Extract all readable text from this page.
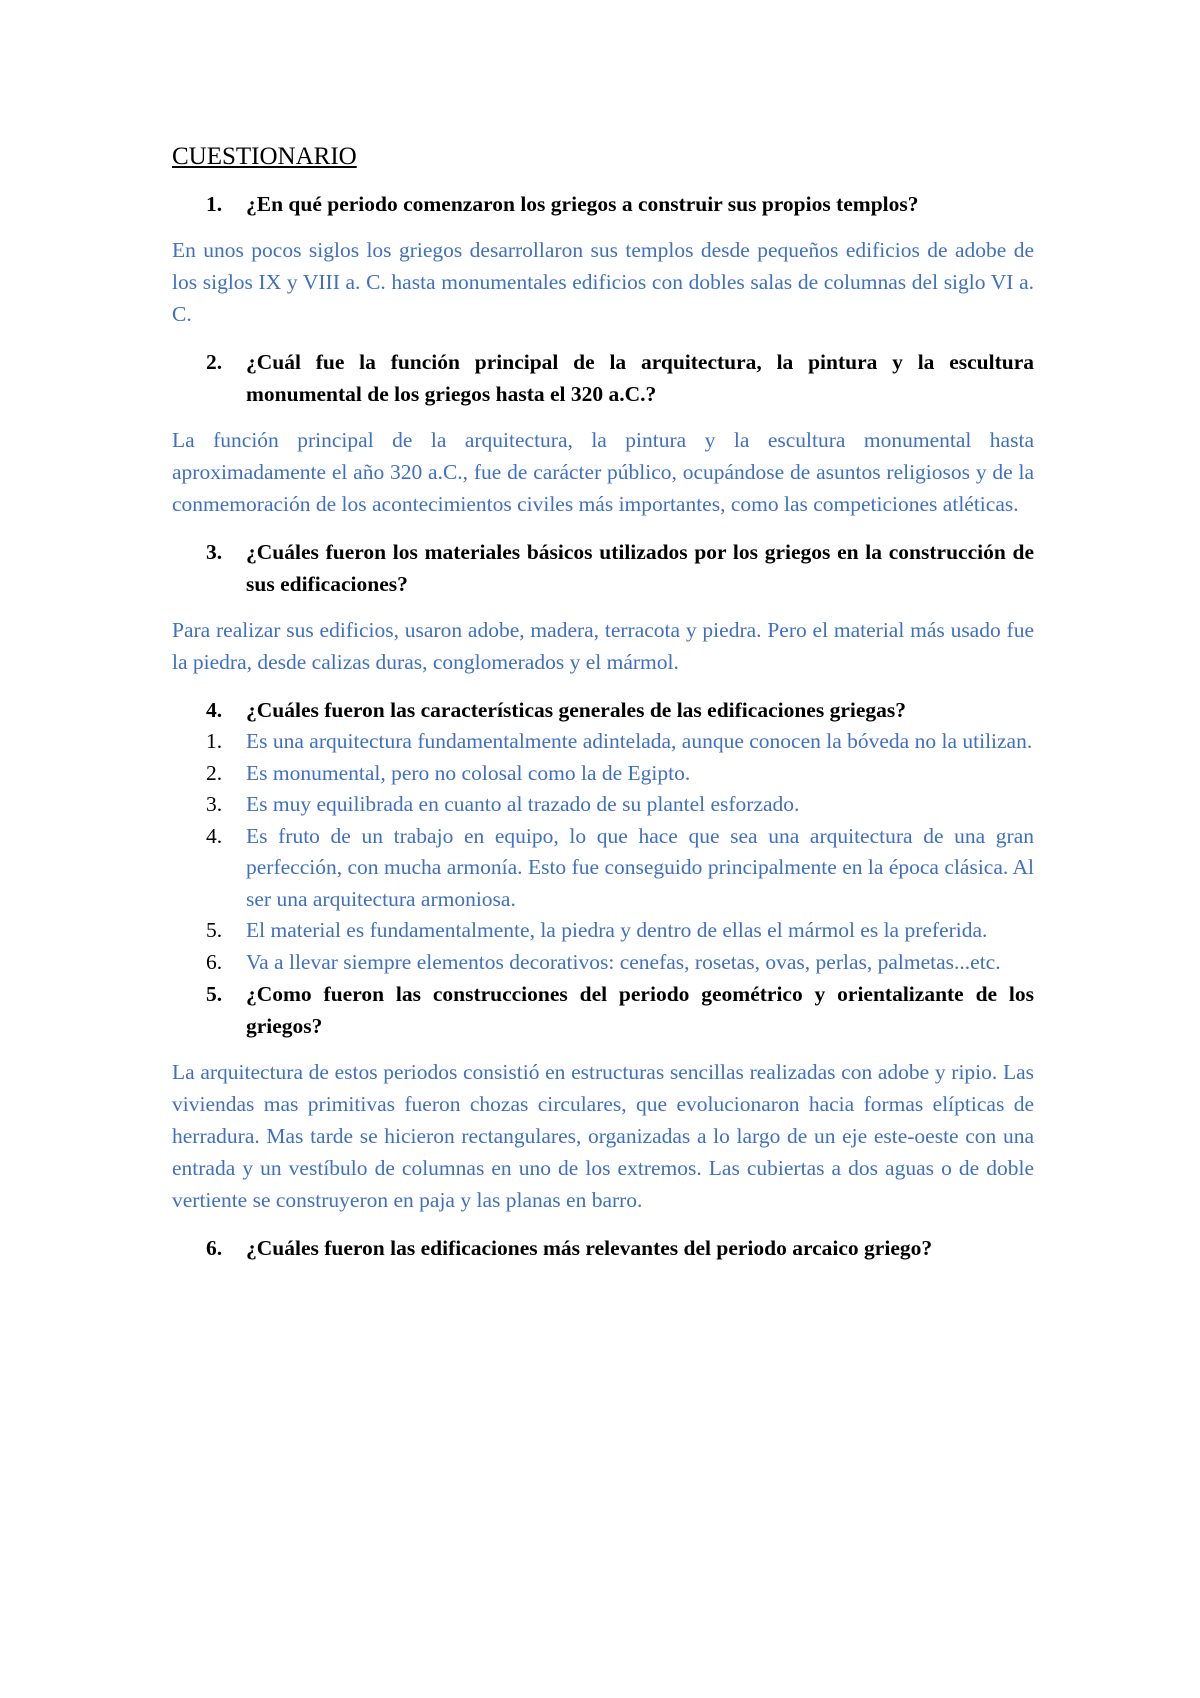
CUESTIONARIO
1.	¿En qué periodo comenzaron los griegos a construir sus propios templos?

En unos pocos siglos los griegos desarrollaron sus templos desde pequeños edificios de adobe de los siglos IX y VIII a. C. hasta monumentales edificios con dobles salas de columnas del siglo VI a. C.

2.	¿Cuál fue la función principal de la arquitectura, la pintura y la escultura monumental de los griegos hasta el 320 a.C.?

La función principal de la arquitectura, la pintura y la escultura monumental hasta aproximadamente el año 320 a.C., fue de carácter público, ocupándose de asuntos religiosos y de la conmemoración de los acontecimientos civiles más importantes, como las competiciones atléticas.

3.	¿Cuáles fueron los materiales básicos utilizados por los griegos en la construcción de sus edificaciones?

Para realizar sus edificios, usaron adobe, madera, terracota y piedra. Pero el material más usado fue la piedra, desde calizas duras, conglomerados y el mármol.

4.	¿Cuáles fueron las características generales de las edificaciones griegas?
1.	Es una arquitectura fundamentalmente adintelada, aunque conocen la bóveda no la utilizan.
2.	Es monumental, pero no colosal como la de Egipto.
3.	Es muy equilibrada en cuanto al trazado de su plantel esforzado.
4.	Es fruto de un trabajo en equipo, lo que hace que sea una arquitectura de una gran perfección, con mucha armonía. Esto fue conseguido principalmente en la época clásica. Al ser una arquitectura armoniosa.
5.	El material es fundamentalmente, la piedra y dentro de ellas el mármol es la preferida.
6.	Va a llevar siempre elementos decorativos: cenefas, rosetas, ovas, perlas, palmetas...etc.
5.	¿Como fueron las construcciones del periodo geométrico y orientalizante de los griegos?

La arquitectura de estos periodos consistió en estructuras sencillas realizadas con adobe y ripio. Las viviendas mas primitivas fueron chozas circulares, que evolucionaron hacia formas elípticas de herradura. Mas tarde se hicieron rectangulares, organizadas a lo largo de un eje este-oeste con una entrada y un vestíbulo de columnas en uno de los extremos. Las cubiertas a dos aguas o de doble vertiente se construyeron en paja y las planas en barro.

6.	¿Cuáles fueron las edificaciones más relevantes del periodo arcaico griego?
